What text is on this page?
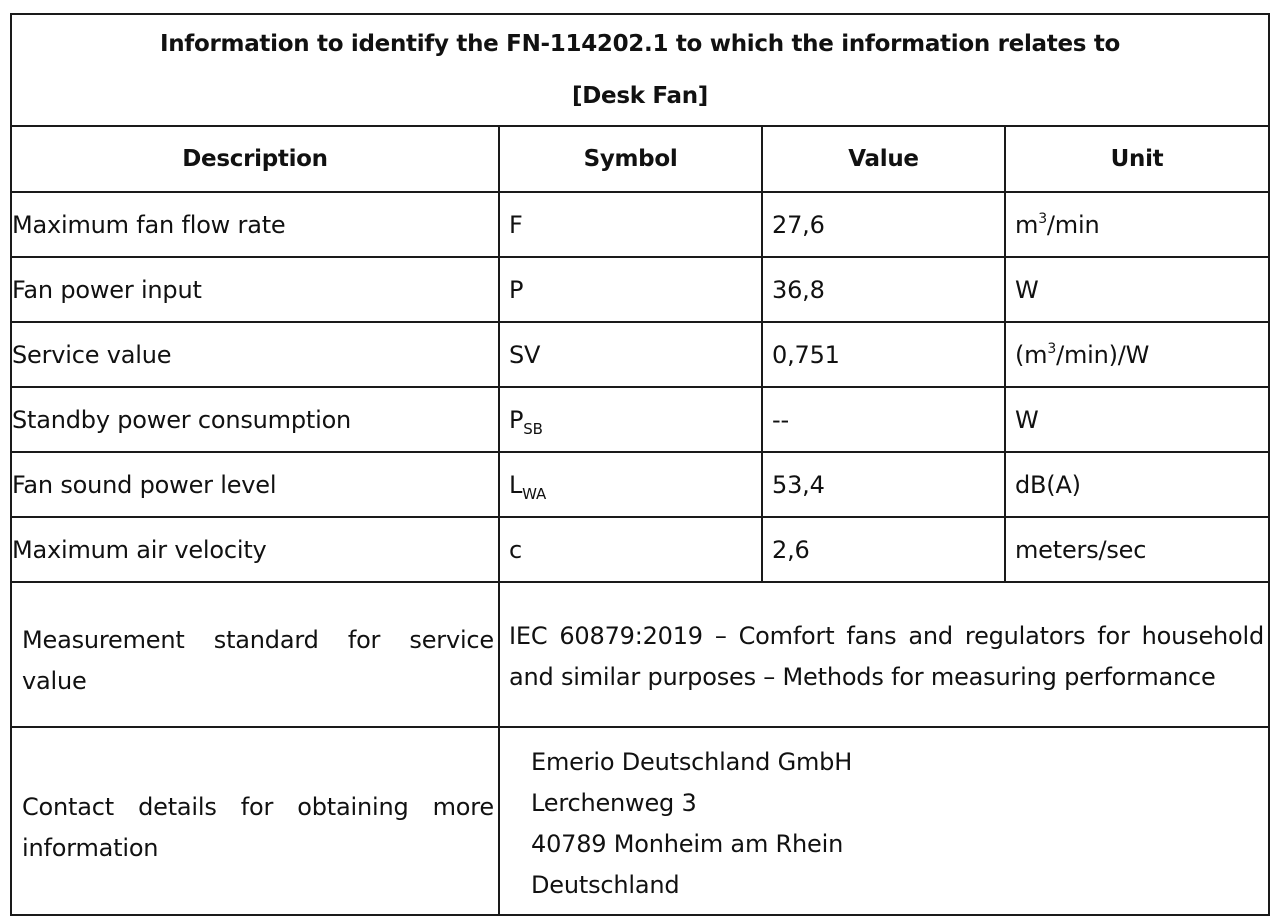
Information to identify the FN-114202.1 to which the information relates to
[Desk Fan]			

Description	Symbol	Value	Unit
Maximum fan flow rate	F	27,6	$m^3/\min$
Fan power input	P	36,8	W
Service value	SV	0,751	$(m^3/\min)/W$
Standby power consumption	$P_{SB}$	--	W
Fan sound power level	$L_{WA}$	53,4	dB(A)
Maximum air velocity	c	2,6	meters/sec
Measurement standard for service value	IEC 60879:2019 – Comfort fans and regulators for household and similar purposes – Methods for measuring performance		
Contact details for obtaining more information	Emerio Deutschland GmbH
Lerchenweg 3
40789 Monheim am Rhein
Deutschland		
